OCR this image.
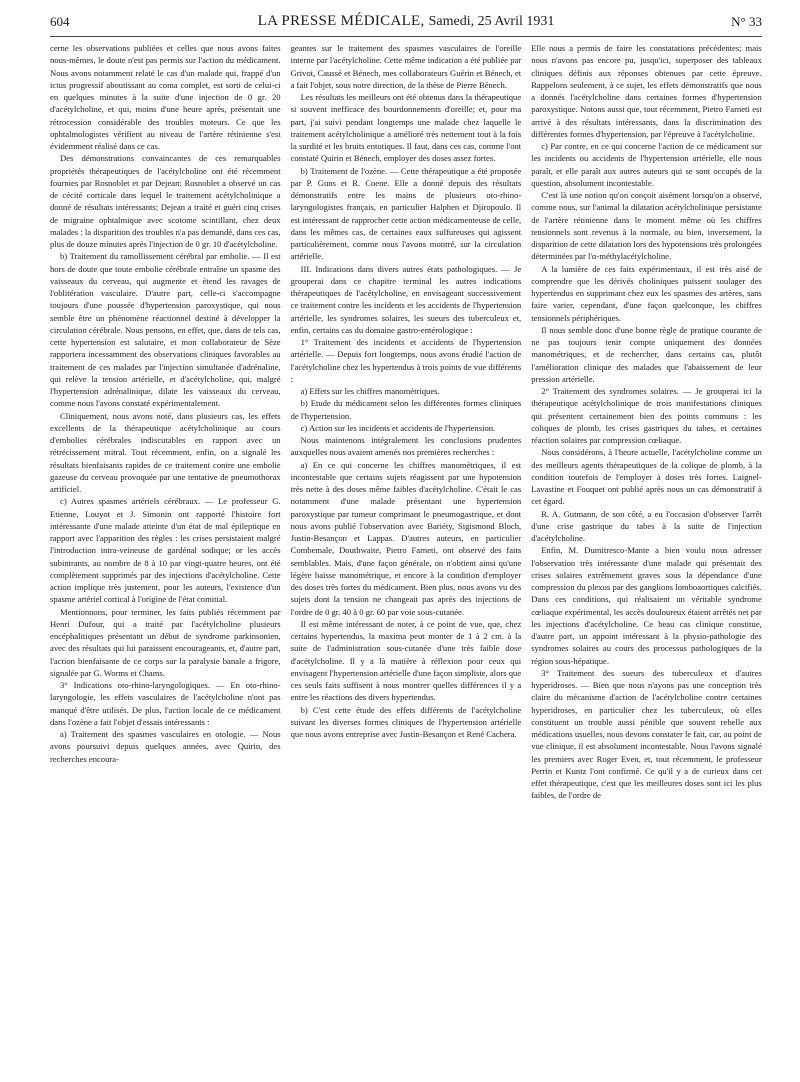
604	LA PRESSE MÉDICALE, Samedi, 25 Avril 1931	N° 33

cerne les observations publiées et celles que nous avons faites nous-mêmes, le doute n'est pas permis sur l'action du médicament. Nous avons notamment relaté le cas d'un malade qui, frappé d'un ictus progressif aboutissant au coma complet, est sorti de celui-ci en quelques minutes à la suite d'une injection de 0 gr. 20 d'acétylcholine, et qui, moins d'une heure après, présentait une rétrocession considérable des troubles moteurs. Ce que les ophtalmologistes vérifient au niveau de l'artère rétinienne s'est évidemment réalisé dans ce cas.

Des démonstrations convaincantes de ces remarquables propriétés thérapeutiques de l'acétylcholine ont été récemment fournies par Rosnoblet et par Dejean: Rosnoblet a observé un cas de cécité corticale dans lequel le traitement acétylcholinique a donné de résultats intéressants; Dejean a traité et guéri cinq crises de migraine ophtalmique avec scotome scintillant, chez deux malades : la disparition des troubles n'a pas demandé, dans ces cas, plus de douze minutes après l'injection de 0 gr. 10 d'acétylcholine.

b) Traitement du ramollissement cérébral par embolie. — Il est hors de doute que toute embolie cérébrale entraîne un spasme des vaisseaux du cerveau, qui augmente et étend les ravages de l'oblitération vasculaire. D'autre part, celle-ci s'accompagne toujours d'une poussée d'hypertension paroxystique, qui nous semble être un phénomène réactionnel destiné à développer la circulation cérébrale. Nous pensons, en effet, que, dans de tels cas, cette hypertension est salutaire, et mon collaborateur de Sèze rapportera incessamment des observations cliniques favorables au traitement de ces malades par l'injection simultanée d'adrénaline, qui relève la tension artérielle, et d'acétylcholine, qui, malgré l'hypertension adrénalinique, dilate les vaisseaux du cerveau, comme nous l'avons constaté expérimentalement.

Cliniquement, nous avons noté, dans plusieurs cas, les effets excellents de la thérapeutique acétylcholinique au cours d'embolies cérébrales indiscutables en rapport avec un rétrécissement mitral. Tout récemment, enfin, on a signalé les résultats bienfaisants rapides de ce traitement contre une embolie gazeuse du cerveau provoquée par une tentative de pneumothorax artificiel.

c) Autres spasmes artériels cérébraux. — Le professeur G. Etienne, Louyot et J. Simonin ont rapporté l'histoire fort intéressante d'une malade atteinte d'un état de mal épileptique en rapport avec l'apparition des règles : les crises persistaient malgré l'introduction intra-veineuse de gardénal sodique; or les accès subintrants, au nombre de 8 à 10 par vingt-quatre heures, ont été complètement supprimés par des injections d'acétylcholine. Cette action implique très justement, pour les auteurs, l'existence d'un spasme artériel cortical à l'origine de l'état comitial.

Mentionnons, pour terminer, les faits publiés récemment par Henri Dufour, qui a traité par l'acétylcholine plusieurs encéphalitiques présentant un début de syndrome parkinsonien, avec des résultats qui lui paraissent encourageants, et, d'autre part, l'action bienfaisante de ce corps sur la paralysie banale a frigore, signalée par G. Worms et Chams.

3° Indications oto-rhino-laryngologiques. — En oto-rhino-laryngologie, les effets vasculaires de l'acétylcholine n'ont pas manqué d'être utilisés. De plus, l'action locale de ce médicament dans l'ozène a fait l'objet d'essais intéressants :

a) Traitement des spasmes vasculaires en otologie. — Nous avons poursuivi depuis quelques années, avec Quirin, des recherches encoura-

geantes sur le traitement des spasmes vasculaires de l'oreille interne par l'acétylcholine. Cette même indication a été publiée par Grivot, Caussé et Bénech, mes collaborateurs Guérin et Bénech, et a fait l'objet, sous notre direction, de la thèse de Pierre Bénech.

Les résultats les meilleurs ont été obtenus dans la thérapeutique si souvent inefficace des bourdonnements d'oreille; et, pour ma part, j'ai suivi pendant longtemps une malade chez laquelle le traitement acétylcholinique a amélioré très nettement tout à la fois la surdité et les bruits entotiques. Il faut, dans ces cas, comme l'ont constaté Quirin et Bénech, employer des doses assez fortes.

b) Traitement de l'ozène. — Cette thérapeutique a été proposée par P. Guns et R. Coene. Elle a donné depuis des résultats démonstratifs entre les mains de plusieurs oto-rhino-laryngologistes français, en particulier Halphen et Djiropoulo. Il est intéressant de rapprocher cette action médicamenteuse de celle, dans les mêmes cas, de certaines eaux sulfureuses qui agissent particulièrement, comme nous l'avons montré, sur la circulation artérielle.

III. Indications dans divers autres états pathologiques. — Je grouperai dans ce chapitre terminal les autres indications thérapeutiques de l'acétylcholine, en envisageant successivement ce traitement contre les incidents et les accidents de l'hypertension artérielle, les syndromes solaires, les sueurs des tuberculeux et, enfin, certains cas du domaine gastro-entérologique :

1° Traitement des incidents et accidents de l'hypertension artérielle. — Depuis fort longtemps, nous avons étudié l'action de l'acétylcholine chez les hypertendus à trois points de vue différents :

a) Effets sur les chiffres manométriques.

b) Etude du médicament selon les différentes formes cliniques de l'hypertension.

c) Action sur les incidents et accidents de l'hypertension.

Nous maintenons intégralement les conclusions prudentes auxquelles nous avaient amenés nos premières recherches :

a) En ce qui concerne les chiffres manométriques, il est incontestable que certains sujets réagissent par une hypotension très nette à des doses même faibles d'acétylcholine. C'était le cas notamment d'une malade présentant une hypertension paroxystique par tumeur comprimant le pneumogastrique, et dont nous avons publié l'observation avec Bariéty, Sigismond Bloch, Justin-Besançon et Lappas. D'autres auteurs, en particulier Combemale, Douthwaite, Pietro Farneti, ont observé des faits semblables. Mais, d'une façon générale, on n'obtient ainsi qu'une légère baisse manométrique, et encore à la condition d'employer des doses très fortes du médicament. Bien plus, nous avons vu des sujets dont la tension ne changeait pas après des injections de l'ordre de 0 gr. 40 à 0 gr. 60 par voie sous-cutanée.

Il est même intéressant de noter, à ce point de vue, que, chez certains hypertendus, la maxima peut monter de 1 à 2 cm. à la suite de l'administration sous-cutanée d'une très faible dose d'acétylcholine. Il y a là matière à réflexion pour ceux qui envisagent l'hypertension artérielle d'une façon simpliste, alors que ces seuls faits suffisent à nous montrer quelles différences il y a entre les réactions des divers hypertendus.

b) C'est cette étude des effets différents de l'acétylcholine suivant les diverses formes cliniques de l'hypertension artérielle que nous avons entreprise avec Justin-Besançon et René Cachera.

Elle nous a permis de faire les constatations précédentes; mais nous n'avons pas encore pu, jusqu'ici, superposer des tableaux cliniques définis aux réponses obtenues par cette épreuve. Rappelons seulement, à ce sujet, les effets démonstratifs que nous a donnés l'acétylcholine dans certaines formes d'hypertension paroxystique. Notons aussi que, tout récemment, Pietro Farneti est arrivé à des résultats intéressants, dans la discrimination des différentes formes d'hypertension, par l'épreuve à l'acétylcholine.

c) Par contre, en ce qui concerne l'action de ce médicament sur les incidents ou accidents de l'hypertension artérielle, elle nous paraît, et elle paraît aux autres auteurs qui se sont occupés de la question, absolument incontestable.

C'est là une notion qu'on conçoit aisément lorsqu'on a observé, comme nous, sur l'animal la dilatation acétylcholinique persistante de l'artère rétinienne dans le moment même où les chiffres tensionnels sont revenus à la normale, ou bien, inversement, la disparition de cette dilatation lors des hypotensions très prolongées déterminées par l'α-méthylacétylcholine.

A la lumière de ces faits expérimentaux, il est très aisé de comprendre que les dérivés choliniques puissent soulager des hypertendus en supprimant chez eux les spasmes des artères, sans faire varier, cependant, d'une façon quelconque, les chiffres tensionnels périphériques.

Il nous semble donc d'une bonne règle de pratique courante de ne pas toujours tenir compte uniquement des données manométriques, et de rechercher, dans certains cas, plutôt l'amélioration clinique des malades que l'abaissement de leur pression artérielle.

2° Traitement des syndromes solaires. — Je grouperai ici la thérapeutique acétylcholinique de trois manifestations cliniques qui présentent certainement bien des points communs : les coliques de plomb, les crises gastriques du tabes, et certaines réaction solaires par compression cœliaque.

Nous considérons, à l'heure actuelle, l'acétylcholine comme un des meilleurs agents thérapeutiques de la colique de plomb, à la condition toutefois de l'employer à doses très fortes. Laignel-Lavastine et Fouquet ont publié après nous un cas démonstratif à cet égard.

R. A. Gutmann, de son côté, a eu l'occasion d'observer l'arrêt d'une crise gastrique du tabes à la suite de l'injection d'acétylcholine.

Enfin, M. Dumitresco-Mante a bien voulu nous adresser l'observation très intéressante d'une malade qui présentait des crises solaires extrêmement graves sous la dépendance d'une compression du plexus par des ganglions lomboaortiques calcifiés. Dans ces conditions, qui réalisaient un véritable syndrome cœliaque expérimental, les accès douloureux étaient arrêtés net par les injections d'acétylcholine. Ce beau cas clinique constitue, d'autre part, un appoint intéressant à la physio-pathologie des syndromes solaires au cours des processus pathologiques de la région sous-hépatique.

3° Traitement des sueurs des tuberculeux et d'autres hyperidroses. — Bien que nous n'ayons pas une conception très claire du mécanisme d'action de l'acétylcholine contre certaines hyperidroses, en particulier chez les tuberculeux, où elles constituent un trouble aussi pénible que souvent rebelle aux médications usuelles, nous devons constater le fait, car, au point de vue clinique, il est absolument incontestable. Nous l'avons signalé les premiers avec Roger Even, et, tout récemment, le professeur Perrin et Kuntz l'ont confirmé. Ce qu'il y a de curieux dans cet effet thérapeutique, c'est que les meilleures doses sont ici les plus faibles, de l'ordre de
